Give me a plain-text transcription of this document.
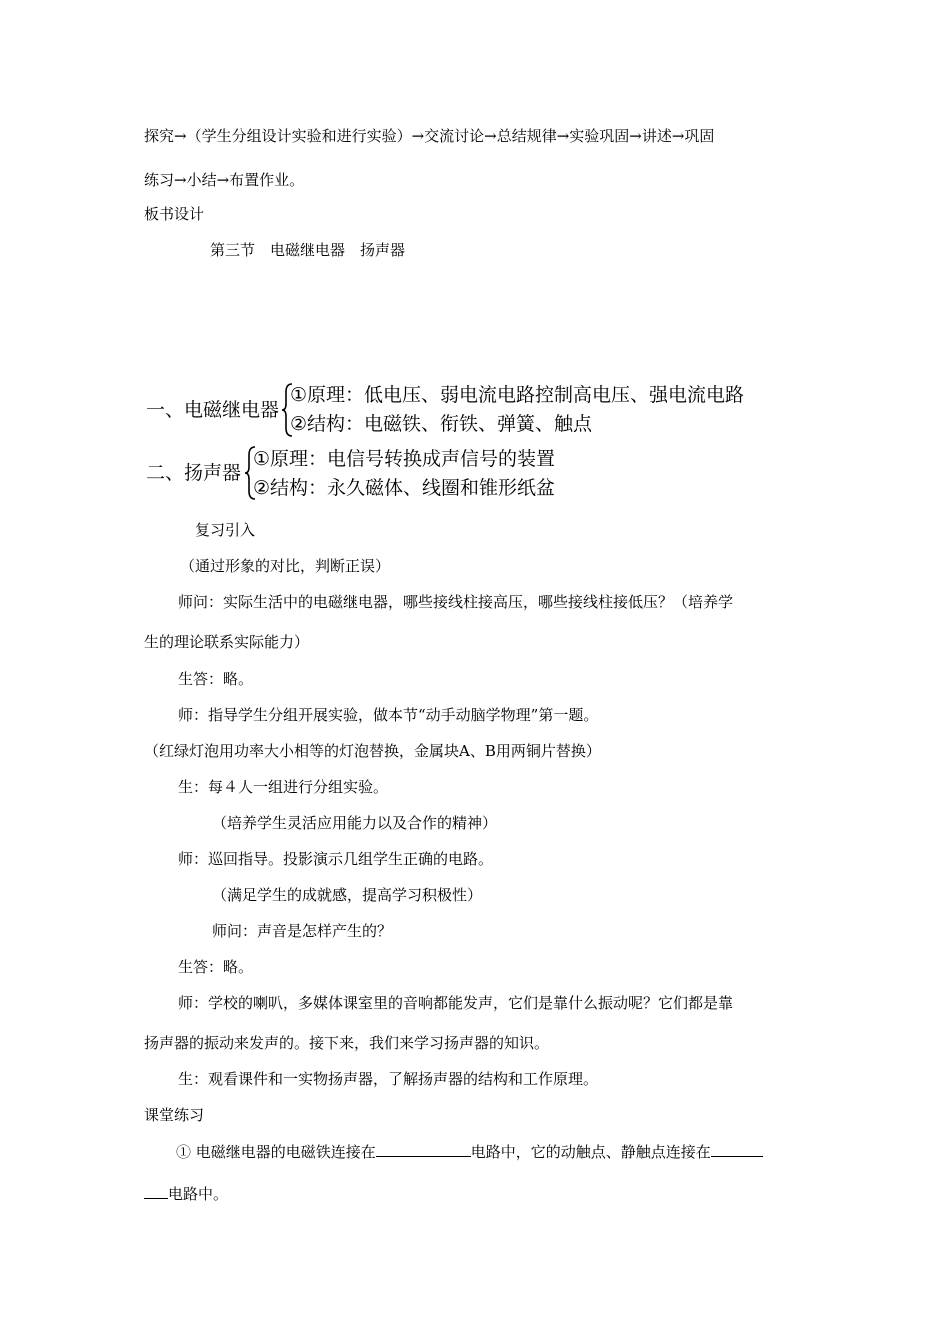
探究→（学生分组设计实验和进行实验）→交流讨论→总结规律→实验巩固→讲述→巩固
练习→小结→布置作业。
板书设计
第三节　电磁继电器　扬声器
一、电磁继电器
①原理：低电压、弱电流电路控制高电压、强电流电路
②结构：电磁铁、衔铁、弹簧、触点
二、扬声器
①原理：电信号转换成声信号的装置
②结构：永久磁体、线圈和锥形纸盆
复习引入
（通过形象的对比，判断正误）
师问：实际生活中的电磁继电器，哪些接线柱接高压，哪些接线柱接低压？（培养学
生的理论联系实际能力）
生答：略。
师：指导学生分组开展实验，做本节“动手动脑学物理”第一题。
（红绿灯泡用功率大小相等的灯泡替换，金属块A、B用两铜片替换）
生：每４人一组进行分组实验。
（培养学生灵活应用能力以及合作的精神）
师：巡回指导。投影演示几组学生正确的电路。
（满足学生的成就感，提高学习积极性）
师问：声音是怎样产生的？
生答：略。
师：学校的喇叭，多媒体课室里的音响都能发声，它们是靠什么振动呢？它们都是靠
扬声器的振动来发声的。接下来，我们来学习扬声器的知识。
生：观看课件和一实物扬声器，了解扬声器的结构和工作原理。
课堂练习
① 电磁继电器的电磁铁连接在	电路中，它的动触点、静触点连接在
电路中。
